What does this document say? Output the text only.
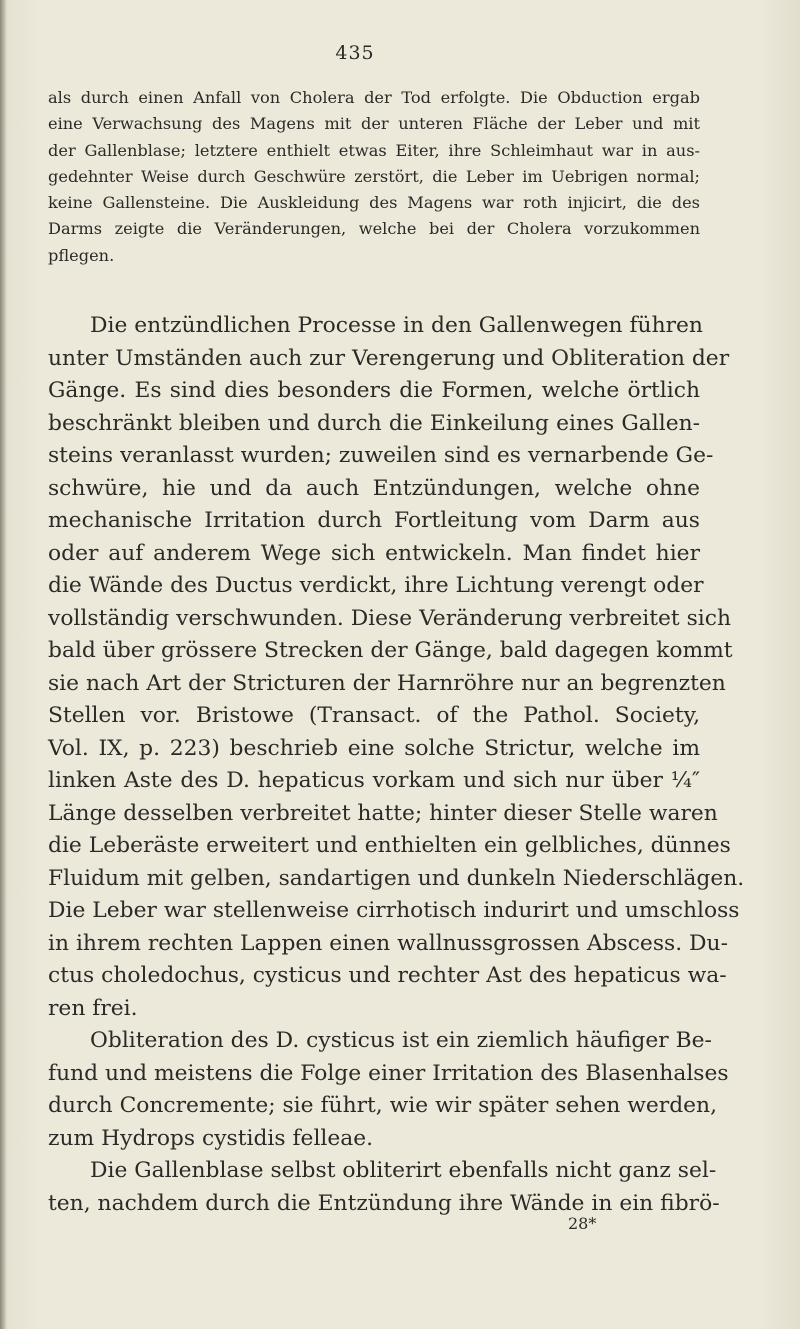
435
als durch einen Anfall von Cholera der Tod erfolgte. Die Obduction ergab
eine Verwachsung des Magens mit der unteren Fläche der Leber und mit
der Gallenblase; letztere enthielt etwas Eiter, ihre Schleimhaut war in aus-
gedehnter Weise durch Geschwüre zerstört, die Leber im Uebrigen normal;
keine Gallensteine. Die Auskleidung des Magens war roth injicirt, die des
Darms zeigte die Veränderungen, welche bei der Cholera vorzukommen
pflegen.
Die entzündlichen Processe in den Gallenwegen führen
unter Umständen auch zur Verengerung und Obliteration der
Gänge. Es sind dies besonders die Formen, welche örtlich
beschränkt bleiben und durch die Einkeilung eines Gallen-
steins veranlasst wurden; zuweilen sind es vernarbende Ge-
schwüre, hie und da auch Entzündungen, welche ohne
mechanische Irritation durch Fortleitung vom Darm aus
oder auf anderem Wege sich entwickeln. Man findet hier
die Wände des Ductus verdickt, ihre Lichtung verengt oder
vollständig verschwunden. Diese Veränderung verbreitet sich
bald über grössere Strecken der Gänge, bald dagegen kommt
sie nach Art der Stricturen der Harnröhre nur an begrenzten
Stellen vor. Bristowe (Transact. of the Pathol. Society,
Vol. IX, p. 223) beschrieb eine solche Strictur, welche im
linken Aste des D. hepaticus vorkam und sich nur über ¼″
Länge desselben verbreitet hatte; hinter dieser Stelle waren
die Leberäste erweitert und enthielten ein gelbliches, dünnes
Fluidum mit gelben, sandartigen und dunkeln Niederschlägen.
Die Leber war stellenweise cirrhotisch indurirt und umschloss
in ihrem rechten Lappen einen wallnussgrossen Abscess. Du-
ctus choledochus, cysticus und rechter Ast des hepaticus wa-
ren frei.
Obliteration des D. cysticus ist ein ziemlich häufiger Be-
fund und meistens die Folge einer Irritation des Blasenhalses
durch Concremente; sie führt, wie wir später sehen werden,
zum Hydrops cystidis felleae.
Die Gallenblase selbst obliterirt ebenfalls nicht ganz sel-
ten, nachdem durch die Entzündung ihre Wände in ein fibrö-
28*
